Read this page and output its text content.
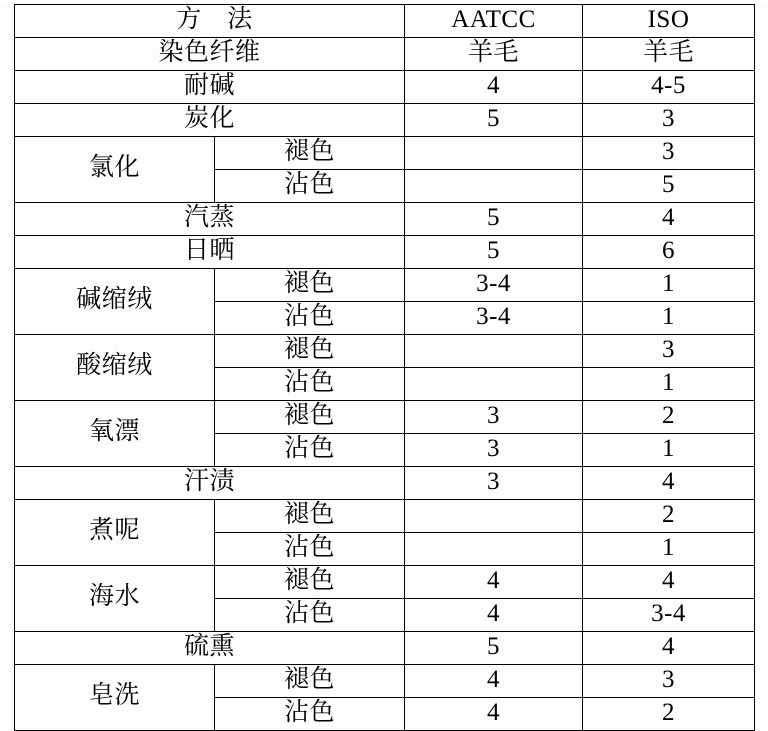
方　法		AATCC	ISO
染色纤维		羊毛	羊毛
耐碱		4	4-5
炭化		5	3
氯化	褪色		3
	沾色		5
汽蒸		5	4
日晒		5	6
碱缩绒	褪色	3-4	1
	沾色	3-4	1
酸缩绒	褪色		3
	沾色		1
氧漂	褪色	3	2
	沾色	3	1
汗渍		3	4
煮呢	褪色		2
	沾色		1
海水	褪色	4	4
	沾色	4	3-4
硫熏		5	4
皂洗	褪色	4	3
	沾色	4	2
